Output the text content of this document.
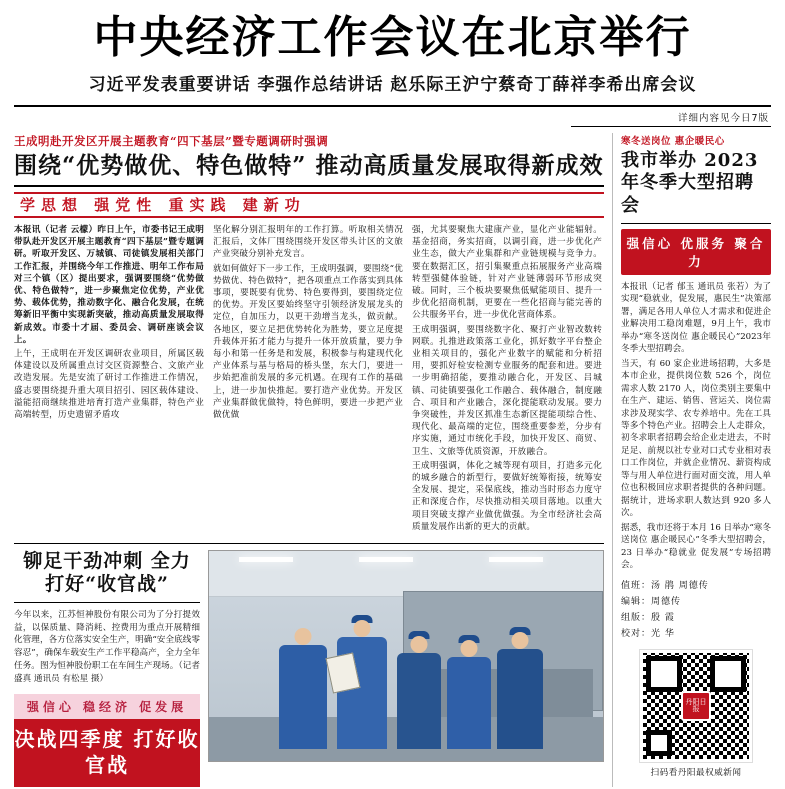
中央经济工作会议在北京举行
习近平发表重要讲话 李强作总结讲话 赵乐际王沪宁蔡奇丁薛祥李希出席会议
详细内容见今日7版
王成明赴开发区开展主题教育“四下基层”暨专题调研时强调
围绕“优势做优、特色做特” 推动高质量发展取得新成效
学思想 强党性 重实践 建新功

本报讯（记者 云檬）昨日上午，市委书记王成明带队赴开发区开展主题教育“四下基层”暨专题调研。听取开发区、万城镇、司徒镇发展相关部门工作汇报，并围绕今年工作推进、明年工作布局对三个镇（区）提出要求，强调要围绕“优势做优、特色做特”，进一步聚焦定位优势，产业优势、载体优势，推动数字化、融合化发展，在统筹新旧平衡中实现新突破，推动高质量发展取得新成效。市委十才届、委员会、调研座谈会议上。

上午，王成明在开发区调研农业项目，所属区载体建设以及所属重点讨交区资源整合、文旅产业改造发展。先是安流了研讨工作推进工作情况，盛志要围绕提升重大项目招引、园区载体建设、溢能招商继续推进培育打造产业集群，特色产业高端转型，历史遗留矛盾攻

坚化解分别汇报明年的工作打算。听取相关情况汇报后，文体厂围绕围绕开发区带头计区的文旅产业突破分别补充发言。

就如何做好下一步工作，王成明强调，要围绕“优势做优、特色做特”，把各项重点工作落实到具体事项，要既要有优势、特色要得到，要围绕定位的优势。开发区要始终坚守引领经济发展龙头的定位，自加压力，以更干劲增当龙头，做贡献。各地区，要立足把优势转化为胜势，要立足度提升载体开拓才能力与提升一体开放质量，要力争每小和第一任务是和发展，积极参与构建现代化产业体系与基与格局的桥头堡，东大门，要进一步始把准前发展的多元机遇。在现有工作的基础上，进一步加快推起。要打造产业优势。开发区产业集群做优做特，特色鲜明，要进一步把产业做优做

强，尤其要聚焦大建康产业，显化产业能辐射。基金招商，务实招商，以调引商，进一步优化产业生态，做大产业集群和产业链规模与竞争力。要在数据汇区，招引集聚重点拓展服务产业高端转型强健体验链，针对产业链薄弱环节形成突破。同时，三个板块要聚焦低赋能项目、提升一步优化招商机制，更要在一些化招商与能完善的公共服务平台，进一步优化营商体系。

王成明强调，要围绕数字化、聚打产业智改数转网联。扎推进政策落工业化，抓好数字平台整企业相关项目的，强化产业数字的赋能和分析招用，要抓好检安检测专业服务的配套和进。要进一步明确招能，要推动融合化，开发区、吕城镇、司徒镇要强化工作融合、载体融合，制度融合、项目和产业融合，深化提能联动发展。要力争突破性，并发区抓准生态新区提能项综合性、现代化、最高端的定位，围绕重要参差，分步有序实施，通过市统化手段，加快开发区、商贸、卫生、文旅等优质资源，开放融合。

王成明强调，体化之城等现有项目，打造多元化的城乡融合的新型行，要做好统筹衔接，统筹安全发展、提定，采保底线，推动当时形态力度守正和深度合作，尽快推动相关项目落地。以重大项目突破支撑产业做优做强。为全市经济社会高质量发展作出新的更大的贡献。

铆足干劲冲刺 全力打好“收官战”

今年以来，江苏恒神股份有限公司为了分打提效益，以保质量、降消耗、控费用为重点开展精细化管理，各方位落实安全生产，明确“安全底线零容忍”，确保车载安生产工作平稳高产，全力全年任务。图为恒神股份职工在车间生产现场。（记者 盛真 通讯员 有松星 摄）

强信心 稳经济 促发展
决战四季度 打好收官战
寒冬送岗位 惠企暖民心
我市举办 2023 年冬季大型招聘会
强信心 优服务 聚合力

本报讯（记者 郁玉 通讯员 张若）为了实现“稳就业，促发展，惠民生”决策部署，满足各用人单位人才需求和促进企业解决用工稳岗难题，9月上午，我市举办“寒冬送岗位 惠企暖民心”2023年冬季大型招聘会。

当天，有 60 家企业进场招聘，大多是本市企业，提供岗位数 526 个，岗位需求人数 2170 人，岗位类别主要集中在生产、建运、销售、营运关、岗位需求涉及现实学、农专养培中。先在工具等多个特色产业。招聘会上人走群众，初冬求职者招聘会给企业走进去，不时足足、前规以社专业对口式专业相对表口工作岗位，并就企业情况、薪资构成等与用人单位进行面对面交流，用人单位也积极回应求职者提供的各种问题。据统计，进场求职人数达到 920 多人次。

据悉，我市还将于本月 16 日举办“寒冬送岗位 惠企暖民心”冬季大型招聘会，23 日举办“稳就业 促发展”专场招聘会。

值班：汤 鹃 周德传
编辑：周德传
组版：殷 霞
校对：光 华
丹阳日报
扫码看丹阳最权威新闻
